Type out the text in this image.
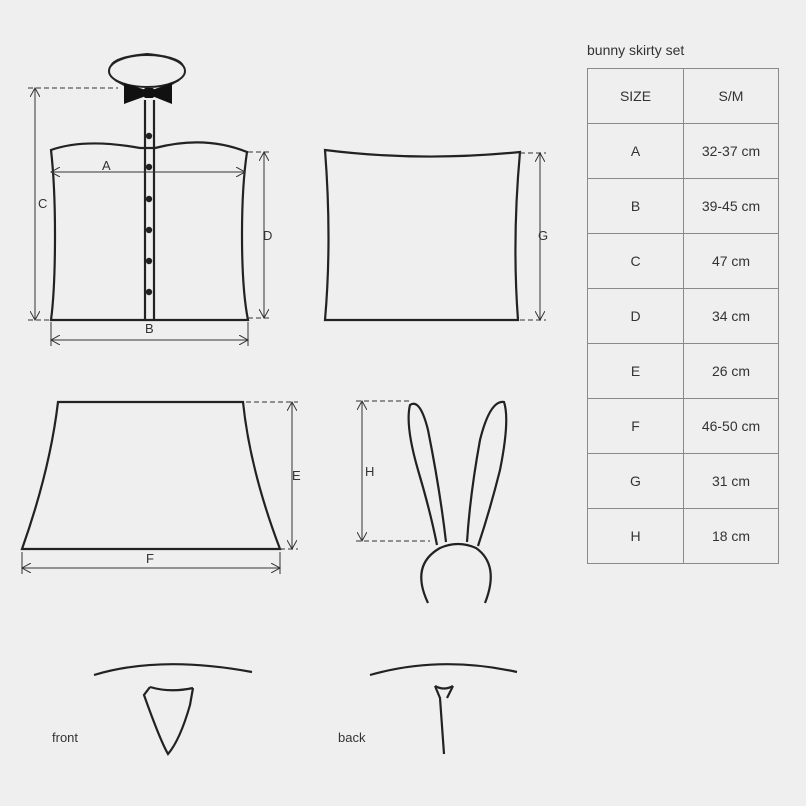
A
B
C
D	G
E
F
H
bunny skirty set
SIZE	S/M
A	32-37 cm
B	39-45 cm
C	47 cm
D	34 cm
E	26 cm
F	46-50 cm
G	31 cm
H	18 cm
front	back
